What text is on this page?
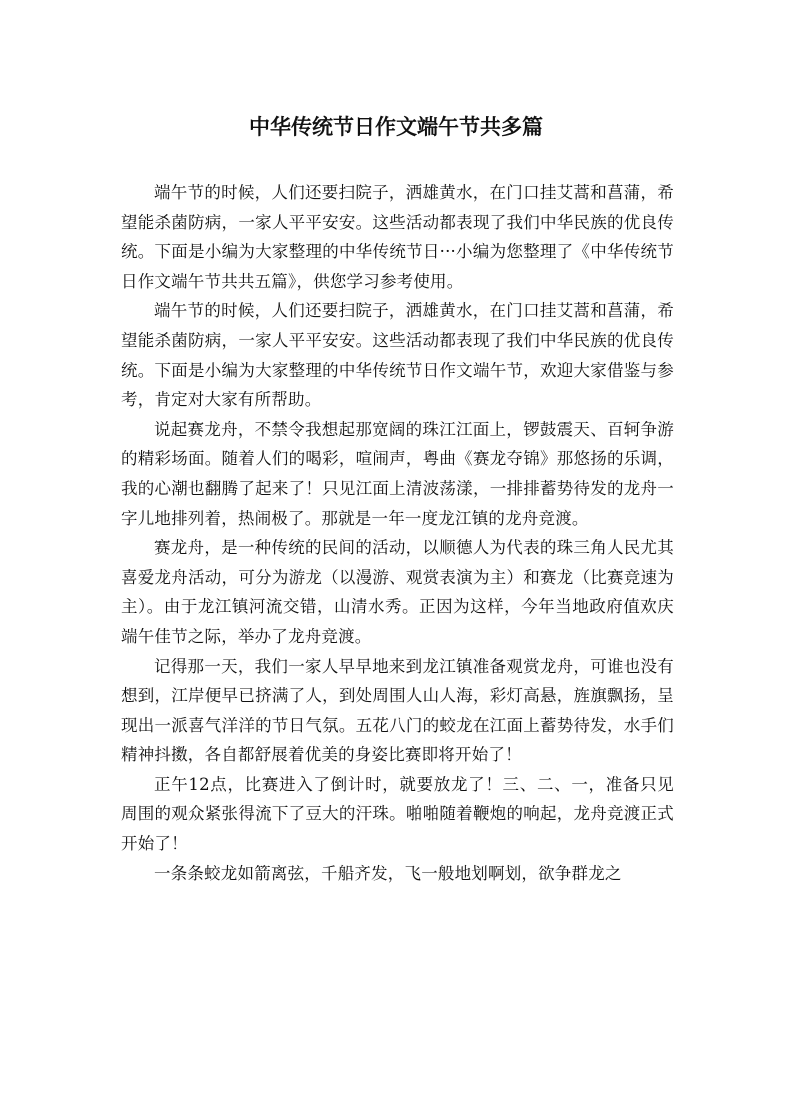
中华传统节日作文端午节共多篇

端午节的时候，人们还要扫院子，洒雄黄水，在门口挂艾蒿和菖蒲，希望能杀菌防病，一家人平平安安。这些活动都表现了我们中华民族的优良传统。下面是小编为大家整理的中华传统节日···小编为您整理了《中华传统节日作文端午节共共五篇》，供您学习参考使用。

端午节的时候，人们还要扫院子，洒雄黄水，在门口挂艾蒿和菖蒲，希望能杀菌防病，一家人平平安安。这些活动都表现了我们中华民族的优良传统。下面是小编为大家整理的中华传统节日作文端午节，欢迎大家借鉴与参考，肯定对大家有所帮助。

说起赛龙舟，不禁令我想起那宽阔的珠江江面上，锣鼓震天、百轲争游的精彩场面。随着人们的喝彩，喧闹声，粤曲《赛龙夺锦》那悠扬的乐调，我的心潮也翻腾了起来了！只见江面上清波荡漾，一排排蓄势待发的龙舟一字儿地排列着，热闹极了。那就是一年一度龙江镇的龙舟竞渡。

赛龙舟，是一种传统的民间的活动，以顺德人为代表的珠三角人民尤其喜爱龙舟活动，可分为游龙（以漫游、观赏表演为主）和赛龙（比赛竞速为主）。由于龙江镇河流交错，山清水秀。正因为这样，今年当地政府值欢庆端午佳节之际，举办了龙舟竞渡。

记得那一天，我们一家人早早地来到龙江镇准备观赏龙舟，可谁也没有想到，江岸便早已挤满了人，到处周围人山人海，彩灯高悬，旌旗飘扬，呈现出一派喜气洋洋的节日气氛。五花八门的蛟龙在江面上蓄势待发，水手们精神抖擞，各自都舒展着优美的身姿比赛即将开始了！

正午12点，比赛进入了倒计时，就要放龙了！三、二、一，准备只见周围的观众紧张得流下了豆大的汗珠。啪啪随着鞭炮的响起，龙舟竞渡正式开始了！

一条条蛟龙如箭离弦，千船齐发，飞一般地划啊划，欲争群龙之
